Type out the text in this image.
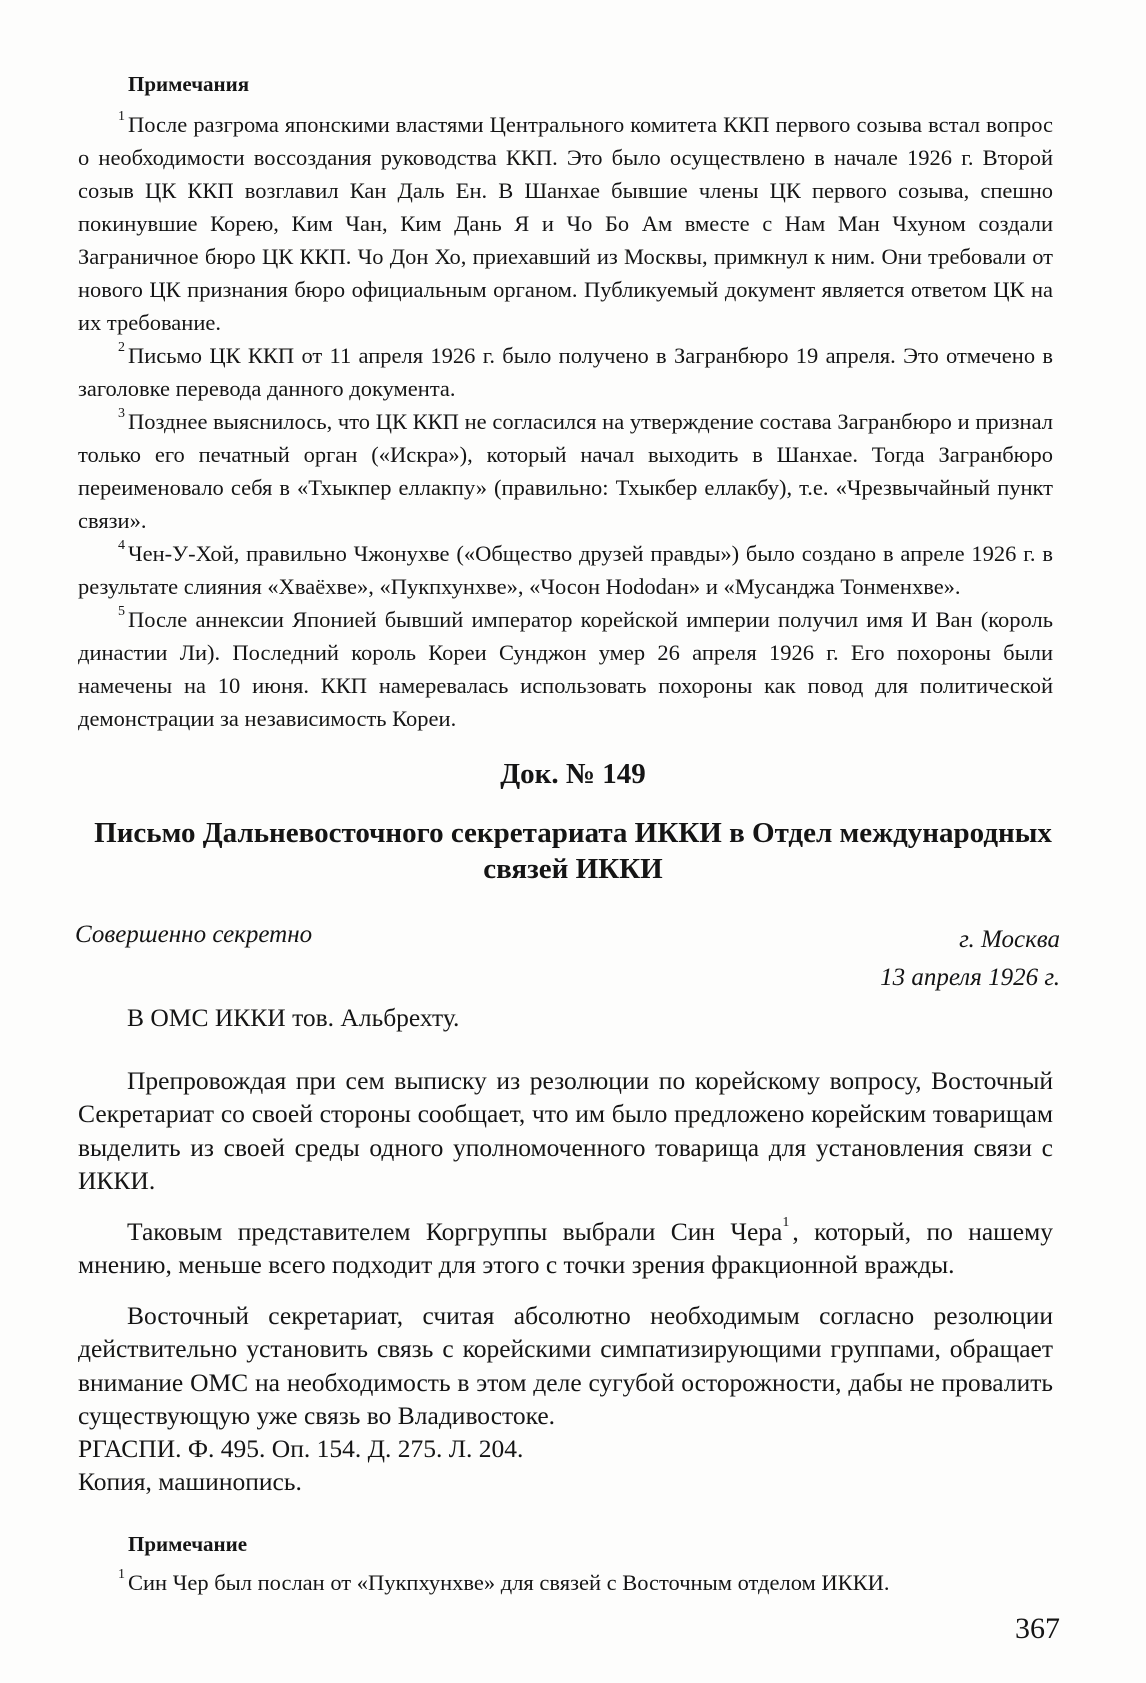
Примечания

$^1$ После разгрома японскими властями Центрального комитета ККП первого созыва встал вопрос о необходимости воссоздания руководства ККП. Это было осуществлено в начале 1926 г. Второй созыв ЦК ККП возглавил Кан Даль Ен. В Шанхае бывшие члены ЦК первого созыва, спешно покинувшие Корею, Ким Чан, Ким Дань Я и Чо Бо Ам вместе с Нам Ман Чхуном создали Заграничное бюро ЦК ККП. Чо Дон Хо, приехавший из Москвы, примкнул к ним. Они требовали от нового ЦК признания бюро официальным органом. Публикуемый документ является ответом ЦК на их требование.

$^2$ Письмо ЦК ККП от 11 апреля 1926 г. было получено в Загранбюро 19 апреля. Это отмечено в заголовке перевода данного документа.

$^3$ Позднее выяснилось, что ЦК ККП не согласился на утверждение состава Загранбюро и признал только его печатный орган («Искра»), который начал выходить в Шанхае. Тогда Загранбюро переименовало себя в «Тхыкпер еллакпу» (правильно: Тхыкбер еллакбу), т.е. «Чрезвычайный пункт связи».

$^4$ Чен-У-Хой, правильно Чжонухве («Общество друзей правды») было создано в апреле 1926 г. в результате слияния «Хваёхве», «Пукпхунхве», «Чосон Нododан» и «Мусанджа Тонменхве».

$^5$ После аннексии Японией бывший император корейской империи получил имя И Ван (король династии Ли). Последний король Кореи Сунджон умер 26 апреля 1926 г. Его похороны были намечены на 10 июня. ККП намеревалась использовать похороны как повод для политической демонстрации за независимость Кореи.

Док. № 149
Письмо Дальневосточного секретариата ИККИ в Отдел международных связей ИККИ
Совершенно секретно	г. Москва
13 апреля 1926 г.

В ОМС ИККИ тов. Альбрехту.

Препровождая при сем выписку из резолюции по корейскому вопросу, Восточный Секретариат со своей стороны сообщает, что им было предложено корейским товарищам выделить из своей среды одного уполномоченного товарища для установления связи с ИККИ.

Таковым представителем Коргруппы выбрали Син Чера$^1$ , который, по нашему мнению, меньше всего подходит для этого с точки зрения фракционной вражды.

Восточный секретариат, считая абсолютно необходимым согласно резолюции действительно установить связь с корейскими симпатизирующими группами, обращает внимание ОМС на необходимость в этом деле сугубой осторожности, дабы не провалить существующую уже связь во Владивостоке.

РГАСПИ. Ф. 495. Оп. 154. Д. 275. Л. 204.
Копия, машинопись.
Примечание

$^1$ Син Чер был послан от «Пукпхунхве» для связей с Восточным отделом ИККИ.

367
